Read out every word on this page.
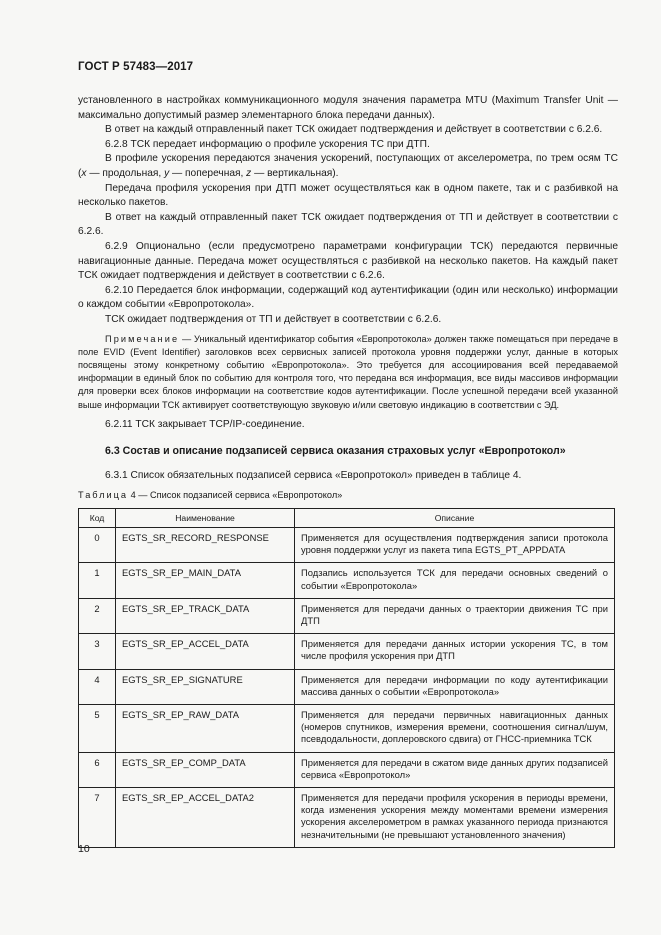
ГОСТ Р 57483—2017

установленного в настройках коммуникационного модуля значения параметра MTU (Maximum Transfer Unit — максимально допустимый размер элементарного блока передачи данных).

В ответ на каждый отправленный пакет ТСК ожидает подтверждения и действует в соответствии с 6.2.6.

6.2.8 ТСК передает информацию о профиле ускорения ТС при ДТП.

В профиле ускорения передаются значения ускорений, поступающих от акселерометра, по трем осям ТС (x — продольная, y — поперечная, z — вертикальная).

Передача профиля ускорения при ДТП может осуществляться как в одном пакете, так и с разбивкой на несколько пакетов.

В ответ на каждый отправленный пакет ТСК ожидает подтверждения от ТП и действует в соответствии с 6.2.6.

6.2.9 Опционально (если предусмотрено параметрами конфигурации ТСК) передаются первичные навигационные данные. Передача может осуществляться с разбивкой на несколько пакетов. На каждый пакет ТСК ожидает подтверждения и действует в соответствии с 6.2.6.

6.2.10 Передается блок информации, содержащий код аутентификации (один или несколько) информации о каждом событии «Европротокола».

ТСК ожидает подтверждения от ТП и действует в соответствии с 6.2.6.

Примечание — Уникальный идентификатор события «Европротокола» должен также помещаться при передаче в поле EVID (Event Identifier) заголовков всех сервисных записей протокола уровня поддержки услуг, данные в которых посвящены этому конкретному событию «Европротокола». Это требуется для ассоциирования всей передаваемой информации в единый блок по событию для контроля того, что передана вся информация, все виды массивов информации для проверки всех блоков информации на соответствие кодов аутентификации. После успешной передачи всей указанной выше информации ТСК активирует соответствующую звуковую и/или световую индикацию в соответствии с ЭД.

6.2.11 ТСК закрывает TCP/IP-соединение.

6.3 Состав и описание подзаписей сервиса оказания страховых услуг «Европротокол»

6.3.1 Список обязательных подзаписей сервиса «Европротокол» приведен в таблице 4.

Таблица 4 — Список подзаписей сервиса «Европротокол»
Код	Наименование	Описание
0	EGTS_SR_RECORD_RESPONSE	Применяется для осуществления подтверждения записи протокола уровня поддержки услуг из пакета типа EGTS_PT_APPDATA
1	EGTS_SR_EP_MAIN_DATA	Подзапись используется ТСК для передачи основных сведений о событии «Европротокола»
2	EGTS_SR_EP_TRACK_DATA	Применяется для передачи данных о траектории движения ТС при ДТП
3	EGTS_SR_EP_ACCEL_DATA	Применяется для передачи данных истории ускорения ТС, в том числе профиля ускорения при ДТП
4	EGTS_SR_EP_SIGNATURE	Применяется для передачи информации по коду аутентификации массива данных о событии «Европротокола»
5	EGTS_SR_EP_RAW_DATA	Применяется для передачи первичных навигационных данных (номеров спутников, измерения времени, соотношения сигнал/шум, псевдодальности, доплеровского сдвига) от ГНСС-приемника ТСК
6	EGTS_SR_EP_COMP_DATA	Применяется для передачи в сжатом виде данных других подзаписей сервиса «Европротокол»
7	EGTS_SR_EP_ACCEL_DATA2	Применяется для передачи профиля ускорения в периоды времени, когда изменения ускорения между моментами времени измерения ускорения акселерометром в рамках указанного периода признаются незначительными (не превышают установленного значения)
10
